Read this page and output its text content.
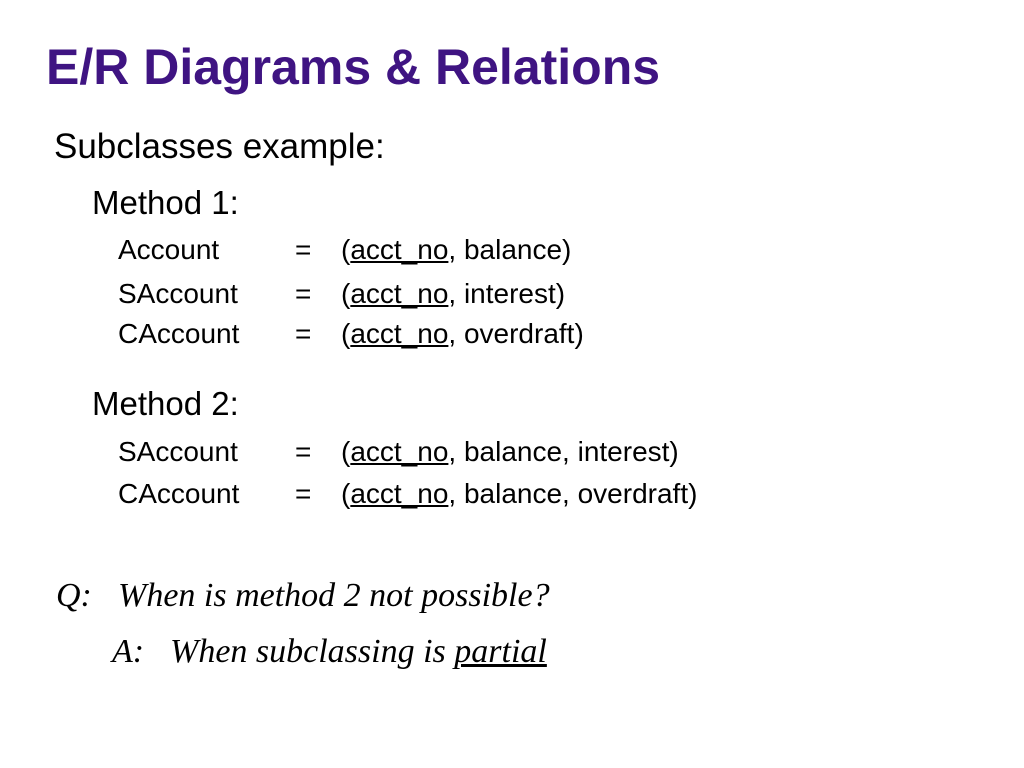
E/R Diagrams & Relations
Subclasses example:
Method 1:
Account	= (acct_no, balance)
SAccount = (acct_no, interest)
CAccount = (acct_no, overdraft)
Method 2:
SAccount = (acct_no, balance, interest)
CAccount = (acct_no, balance, overdraft)
Q: When is method 2 not possible?
A: When subclassing is partial
